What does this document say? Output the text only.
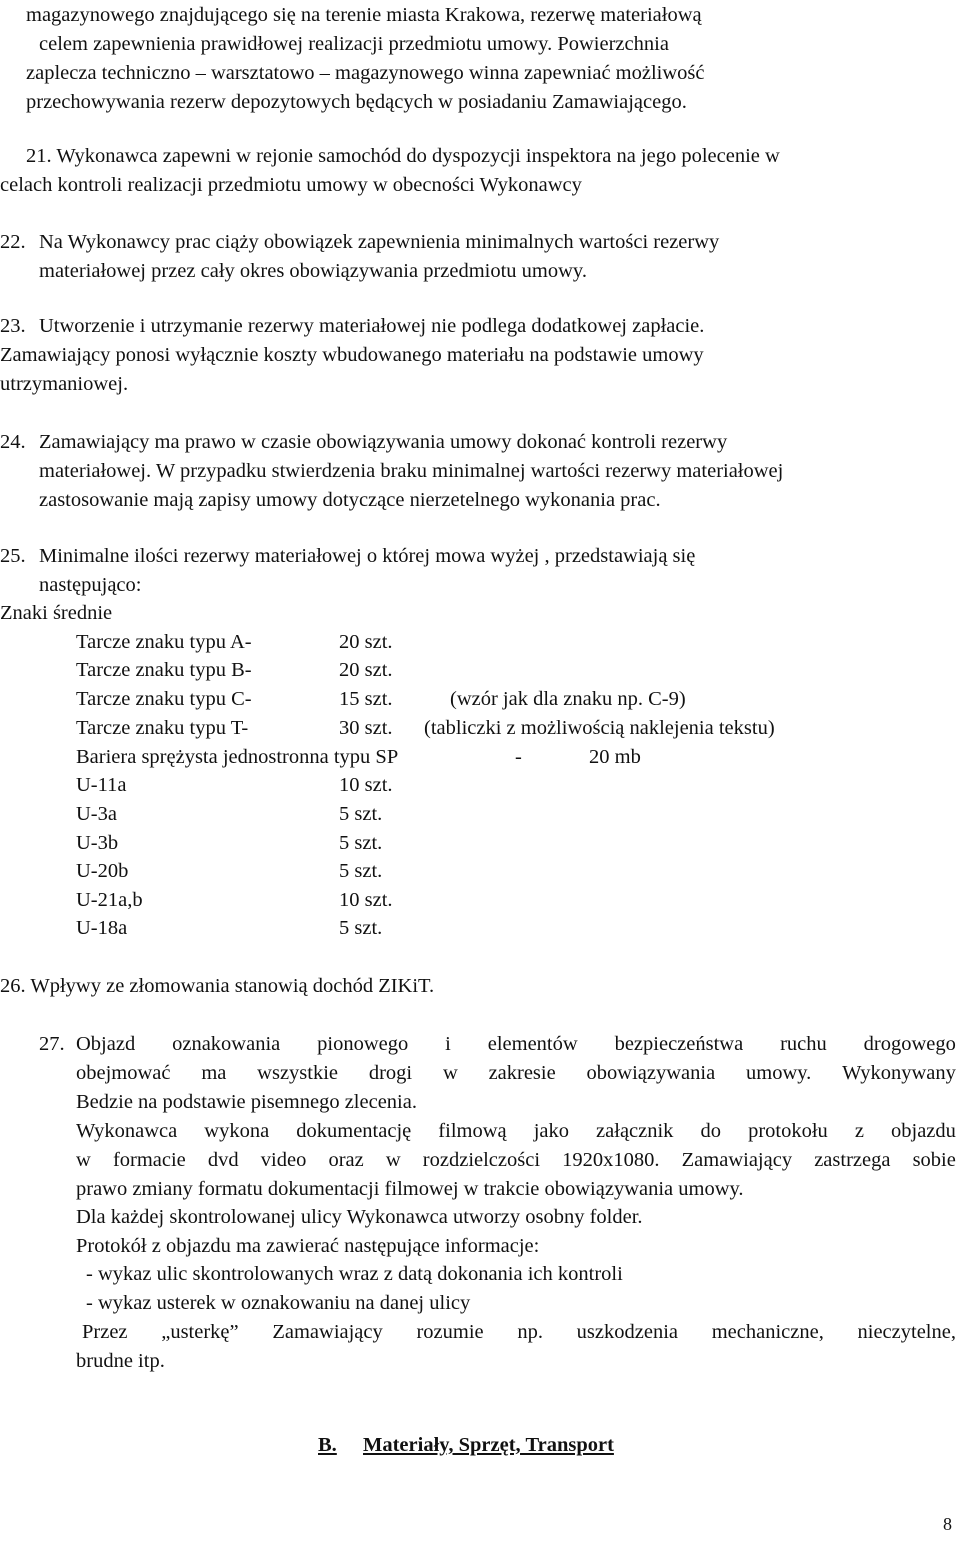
magazynowego znajdującego się na terenie miasta Krakowa, rezerwę materiałową
celem zapewnienia prawidłowej realizacji przedmiotu umowy. Powierzchnia
zaplecza techniczno – warsztatowo – magazynowego winna zapewniać możliwość
przechowywania rezerw depozytowych będących w posiadaniu Zamawiającego.
21. Wykonawca zapewni w rejonie samochód do dyspozycji inspektora na jego polecenie w
celach kontroli realizacji przedmiotu umowy w obecności Wykonawcy
22. Na Wykonawcy prac ciąży obowiązek zapewnienia minimalnych wartości rezerwy
materiałowej przez cały okres obowiązywania przedmiotu umowy.
23. Utworzenie i utrzymanie rezerwy materiałowej nie podlega dodatkowej zapłacie.
Zamawiający ponosi wyłącznie koszty wbudowanego materiału na podstawie umowy
utrzymaniowej.
24. Zamawiający ma prawo w czasie obowiązywania umowy dokonać kontroli rezerwy
materiałowej. W przypadku stwierdzenia braku minimalnej wartości rezerwy materiałowej
zastosowanie mają zapisy umowy dotyczące nierzetelnego wykonania prac.
25. Minimalne ilości rezerwy materiałowej o której mowa wyżej , przedstawiają się
następująco:
Znaki średnie
Tarcze znaku typu A-	20 szt.
Tarcze znaku typu B-	20 szt.
Tarcze znaku typu C-	15 szt.	(wzór jak dla znaku np. C-9)
Tarcze znaku typu T-	30 szt. (tabliczki z możliwością naklejenia tekstu)
Bariera sprężysta jednostronna typu SP	-	20 mb
U-11a	10 szt.
U-3a	5 szt.
U-3b	5 szt.
U-20b	5 szt.
U-21a,b	10 szt.
U-18a	5 szt.
26. Wpływy ze złomowania stanowią dochód ZIKiT.
27. Objazd oznakowania pionowego i elementów bezpieczeństwa ruchu drogowego
obejmować ma wszystkie drogi w zakresie obowiązywania umowy. Wykonywany
Bedzie na podstawie pisemnego zlecenia.
Wykonawca wykona dokumentację filmową jako załącznik do protokołu z objazdu
w formacie dvd video oraz w rozdzielczości 1920x1080. Zamawiający zastrzega sobie
prawo zmiany formatu dokumentacji filmowej w trakcie obowiązywania umowy.
Dla każdej skontrolowanej ulicy Wykonawca utworzy osobny folder.
Protokół z objazdu ma zawierać następujące informacje:
- wykaz ulic skontrolowanych wraz z datą dokonania ich kontroli
- wykaz usterek w oznakowaniu na danej ulicy
Przez „usterkę” Zamawiający rozumie np. uszkodzenia mechaniczne, nieczytelne,
brudne itp.
B. Materiały, Sprzęt, Transport
8
